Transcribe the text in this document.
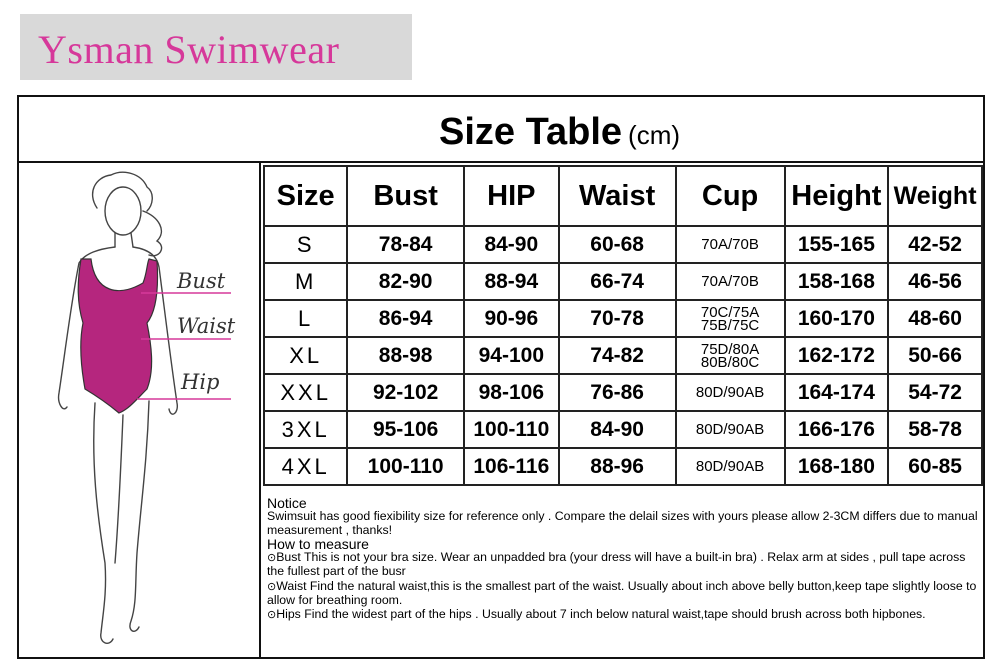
Ysman Swimwear
Size Table (cm)
Bust
Waist
Hip
Size	Bust	HIP	Waist	Cup	Height	Weight
S	78-84	84-90	60-68	70A/70B	155-165	42-52
M	82-90	88-94	66-74	70A/70B	158-168	46-56
L	86-94	90-96	70-78	70C/75A 75B/75C	160-170	48-60
XL	88-98	94-100	74-82	75D/80A 80B/80C	162-172	50-66
XXL	92-102	98-106	76-86	80D/90AB	164-174	54-72
3XL	95-106	100-110	84-90	80D/90AB	166-176	58-78
4XL	100-110	106-116	88-96	80D/90AB	168-180	60-85
Notice
Swimsuit has good fiexibility size for reference only . Compare the delail sizes with yours please allow 2-3CM differs due to manual measurement , thanks!
How to measure
⊙Bust This is not your bra size. Wear an unpadded bra (your dress will have a built-in bra) . Relax arm at sides , pull tape across the fullest part of the busr
⊙Waist Find the natural waist,this is the smallest part of the waist. Usually about inch above belly button,keep tape slightly loose to allow for breathing room.
⊙Hips Find the widest part of the hips . Usually about 7 inch below natural waist,tape should brush across both hipbones.
